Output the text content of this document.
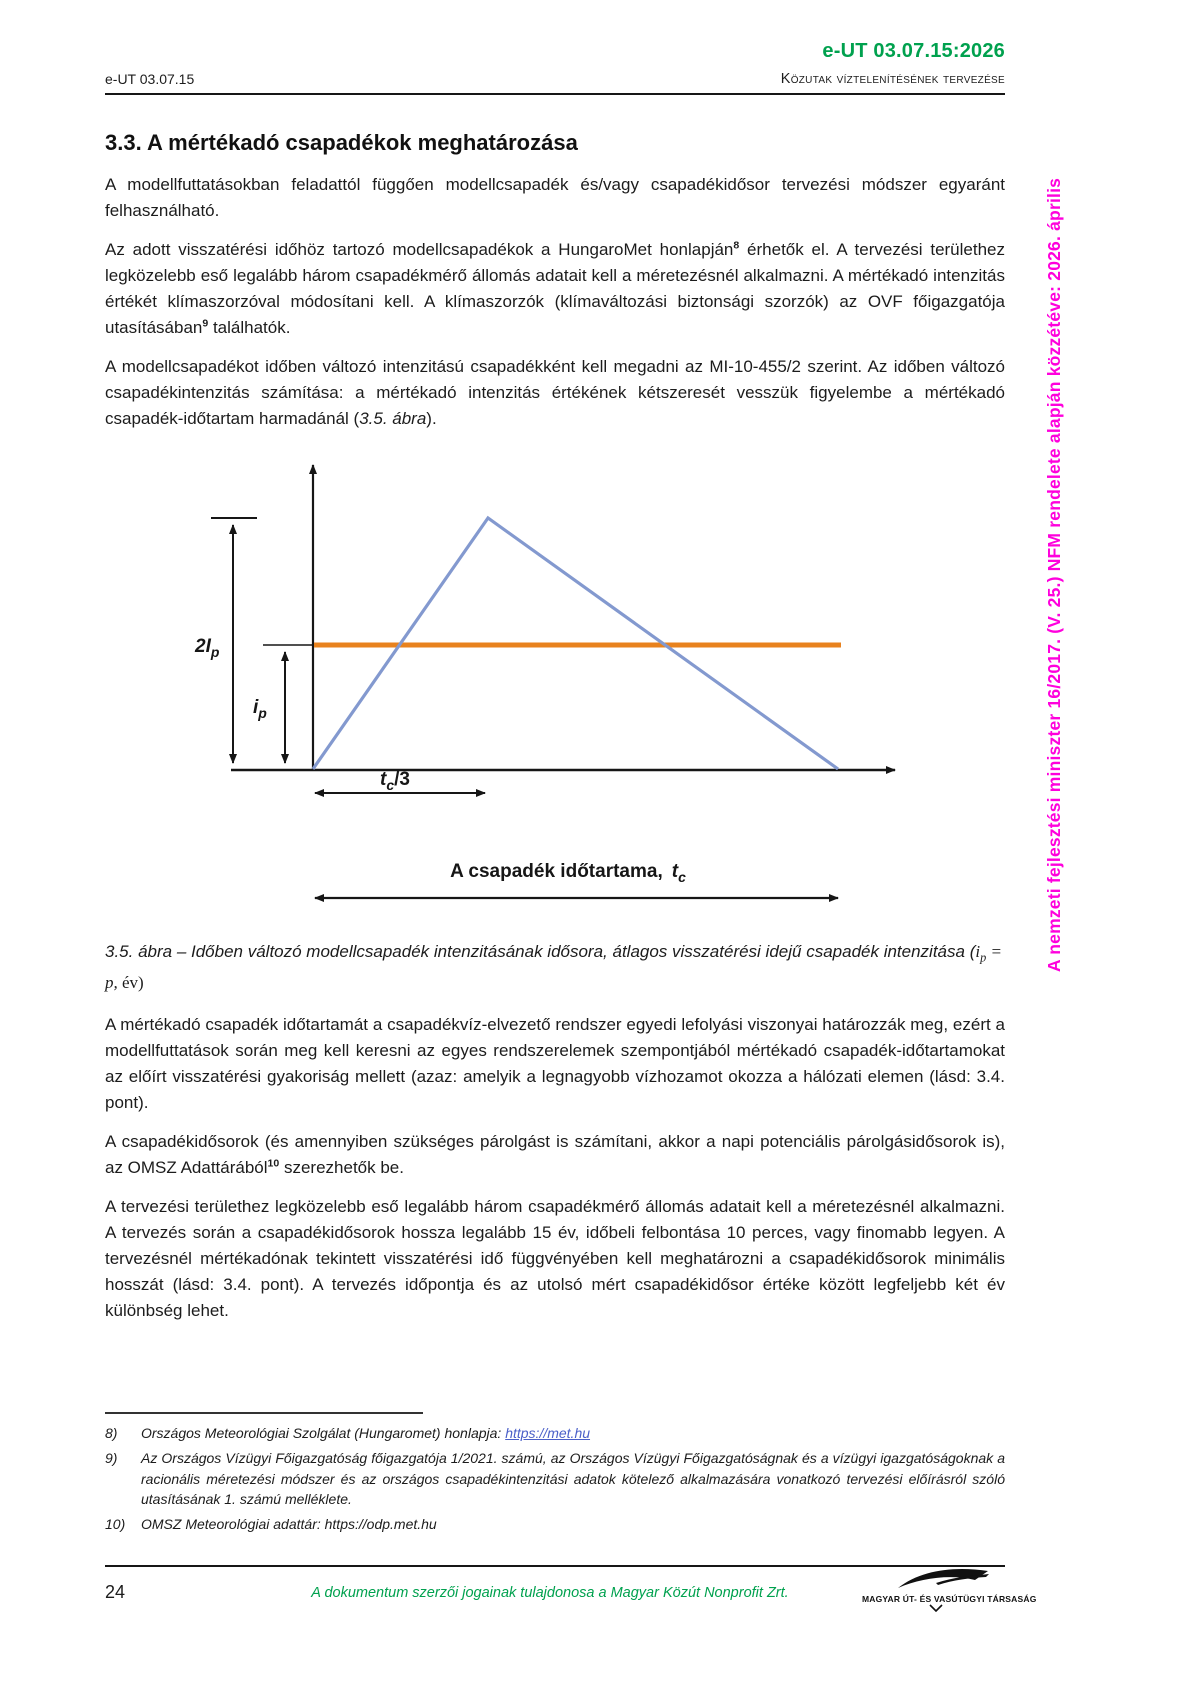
e-UT 03.07.15:2026
e-UT 03.07.15	Közutak víztelenítésének tervezése
A nemzeti fejlesztési miniszter 16/2017. (V. 25.) NFM rendelete alapján közzétéve: 2026. április
3.3. A mértékadó csapadékok meghatározása

A modellfuttatásokban feladattól függően modellcsapadék és/vagy csapadékidősor tervezési módszer egyaránt felhasználható.

Az adott visszatérési időhöz tartozó modellcsapadékok a HungaroMet honlapján$^8$ érhetők el. A tervezési területhez legközelebb eső legalább három csapadékmérő állomás adatait kell a méretezésnél alkalmazni. A mértékadó intenzitás értékét klímaszorzóval módosítani kell. A klímaszorzók (klímaváltozási biztonsági szorzók) az OVF főigazgatója utasításában$^9$ találhatók.

A modellcsapadékot időben változó intenzitású csapadékként kell megadni az MI-10-455/2 szerint. Az időben változó csapadékintenzitás számítása: a mértékadó intenzitás értékének kétszeresét vesszük figyelembe a mértékadó csapadék-időtartam harmadánál (3.5. ábra).

$2I_p$
$i_p$
$t_c/3$
A csapadék időtartama, $t_c$

3.5. ábra – Időben változó modellcsapadék intenzitásának idősora, átlagos visszatérési idejű csapadék intenzitása ($i_p = p$, év)

A mértékadó csapadék időtartamát a csapadékvíz-elvezető rendszer egyedi lefolyási viszonyai határozzák meg, ezért a modellfuttatások során meg kell keresni az egyes rendszerelemek szempontjából mértékadó csapadék-időtartamokat az előírt visszatérési gyakoriság mellett (azaz: amelyik a legnagyobb vízhozamot okozza a hálózati elemen (lásd: 3.4. pont).

A csapadékidősorok (és amennyiben szükséges párolgást is számítani, akkor a napi potenciális párolgásidősorok is), az OMSZ Adattárából$^{10}$ szerezhetők be.

A tervezési területhez legközelebb eső legalább három csapadékmérő állomás adatait kell a méretezésnél alkalmazni. A tervezés során a csapadékidősorok hossza legalább 15 év, időbeli felbontása 10 perces, vagy finomabb legyen. A tervezésnél mértékadónak tekintett visszatérési idő függvényében kell meghatározni a csapadékidősorok minimális hosszát (lásd: 3.4. pont). A tervezés időpontja és az utolsó mért csapadékidősor értéke között legfeljebb két év különbség lehet.

8)	Országos Meteorológiai Szolgálat (Hungaromet) honlapja: https://met.hu
9)	Az Országos Vízügyi Főigazgatóság főigazgatója 1/2021. számú, az Országos Vízügyi Főigazgatóságnak és a vízügyi igazgatóságoknak a racionális méretezési módszer és az országos csapadékintenzitási adatok kötelező alkalmazására vonatkozó tervezési előírásról szóló utasításának 1. számú melléklete.
10)	OMSZ Meteorológiai adattár: https://odp.met.hu
24	A dokumentum szerzői jogainak tulajdonosa a Magyar Közút Nonprofit Zrt.	MAGYAR ÚT- ÉS VASÚTÜGYI TÁRSASÁG
